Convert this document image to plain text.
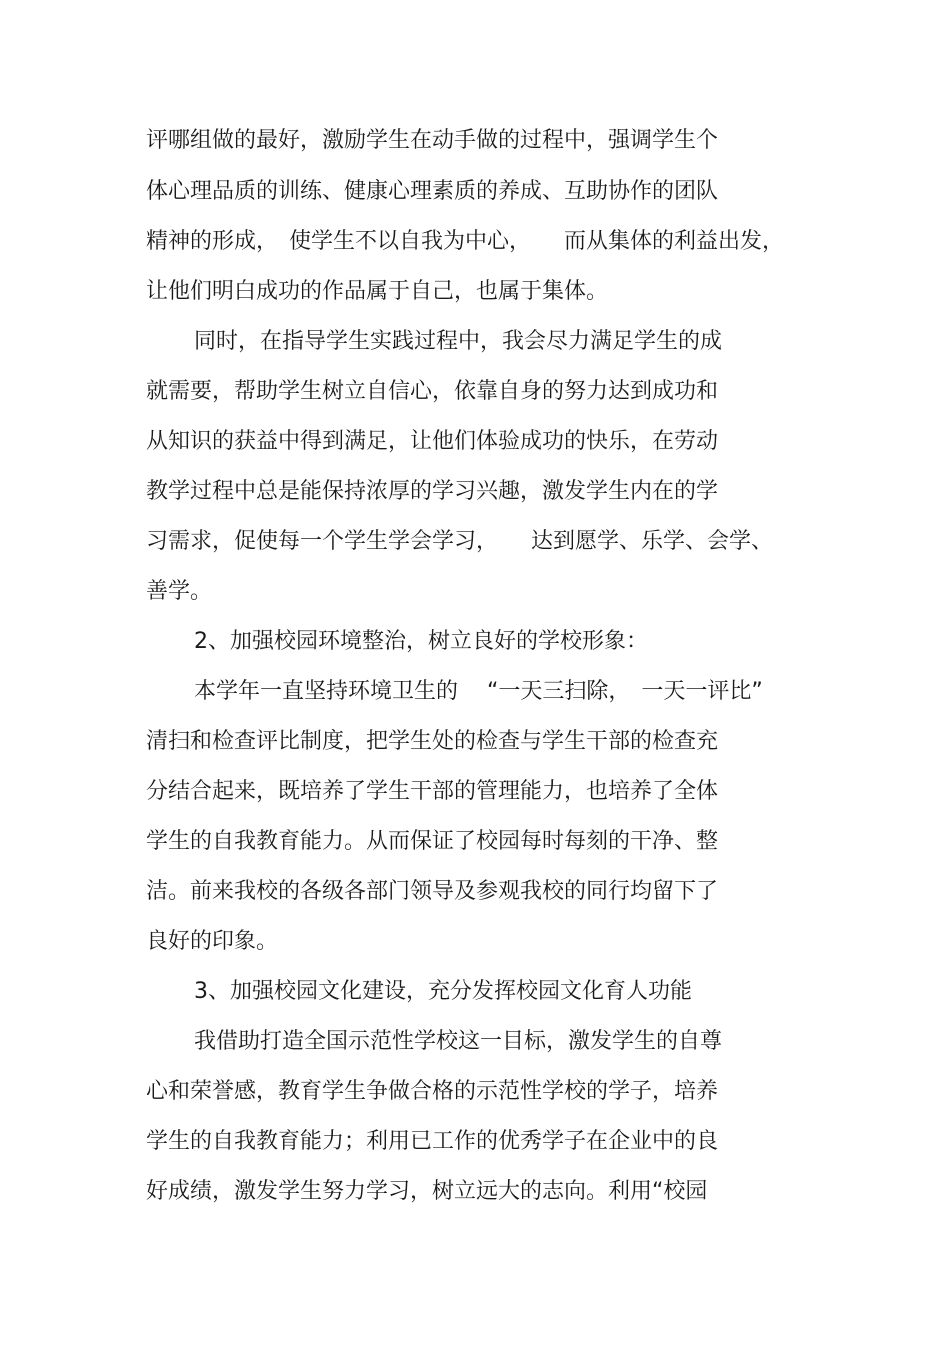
评哪组做的最好，激励学生在动手做的过程中，强调学生个
体心理品质的训练、健康心理素质的养成、互助协作的团队
精神的形成，　使学生不以自我为中心，　　而从集体的利益出发，
让他们明白成功的作品属于自己，也属于集体。
同时，在指导学生实践过程中，我会尽力满足学生的成
就需要，帮助学生树立自信心，依靠自身的努力达到成功和
从知识的获益中得到满足，让他们体验成功的快乐，在劳动
教学过程中总是能保持浓厚的学习兴趣，激发学生内在的学
习需求，促使每一个学生学会学习，　　达到愿学、乐学、会学、
善学。
2、加强校园环境整治，树立良好的学校形象：
本学年一直坚持环境卫生的　 “一天三扫除，　一天一评比”
清扫和检查评比制度，把学生处的检查与学生干部的检查充
分结合起来，既培养了学生干部的管理能力，也培养了全体
学生的自我教育能力。从而保证了校园每时每刻的干净、整
洁。前来我校的各级各部门领导及参观我校的同行均留下了
良好的印象。
3、加强校园文化建设，充分发挥校园文化育人功能
我借助打造全国示范性学校这一目标，激发学生的自尊
心和荣誉感，教育学生争做合格的示范性学校的学子，培养
学生的自我教育能力；利用已工作的优秀学子在企业中的良
好成绩，激发学生努力学习，树立远大的志向。利用“校园
